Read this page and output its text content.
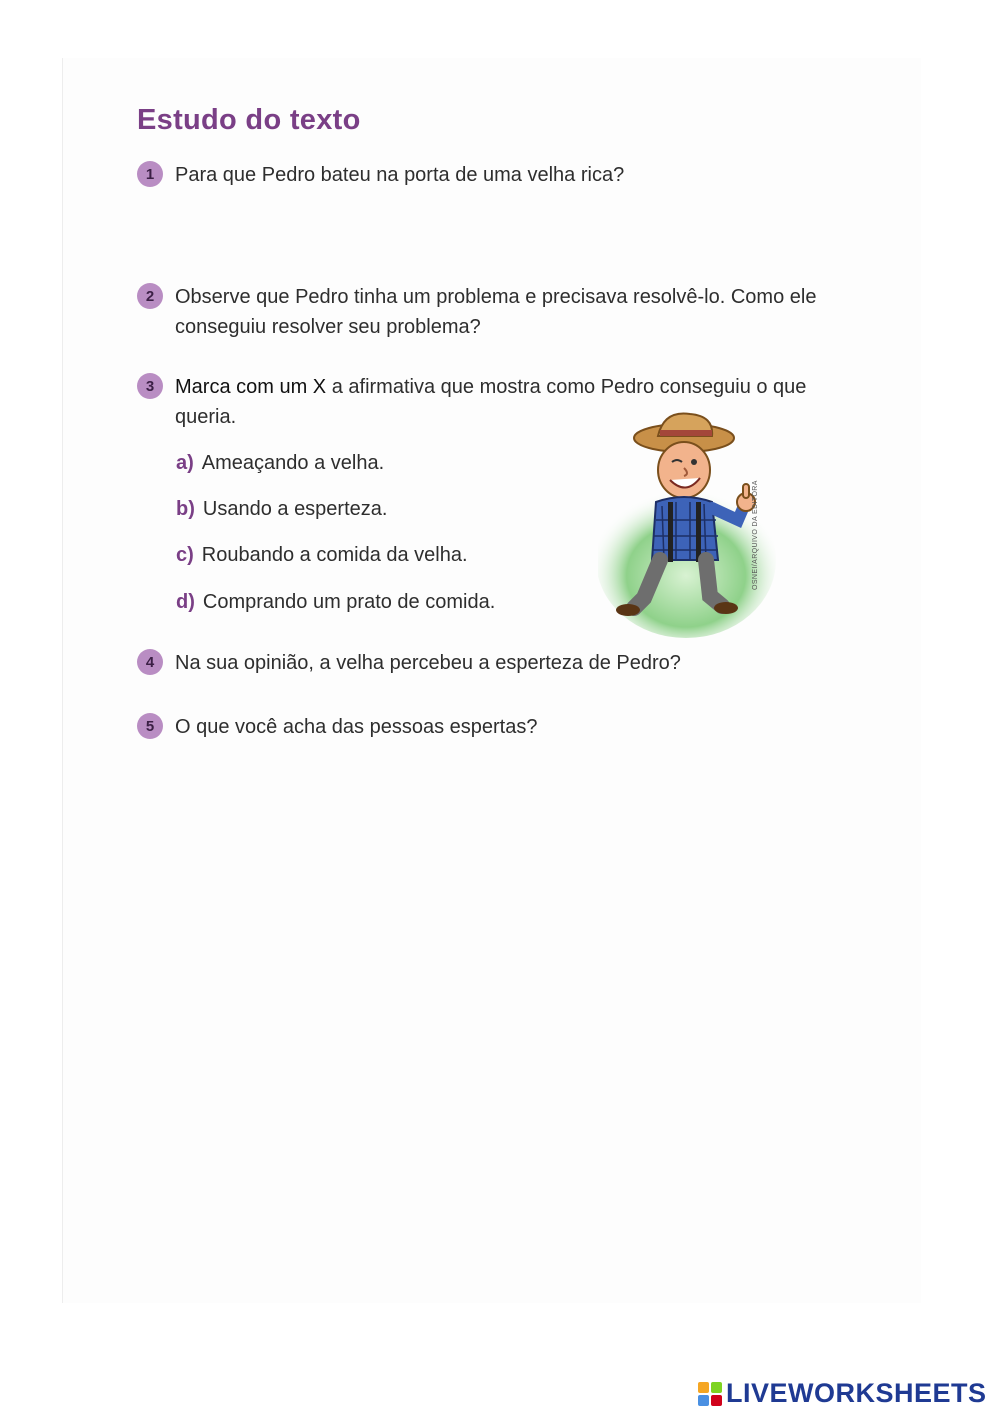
Estudo do texto
1	Para que Pedro bateu na porta de uma velha rica?
2	Observe que Pedro tinha um problema e precisava resolvê-lo. Como ele
conseguiu resolver seu problema?
3	Marca com um X a afirmativa que mostra como Pedro conseguiu o que
queria.
a) Ameaçando a velha.
b) Usando a esperteza.
c) Roubando a comida da velha.
d) Comprando um prato de comida.
OSNEI/ARQUIVO DA EDITORA
4	Na sua opinião, a velha percebeu a esperteza de Pedro?
5	O que você acha das pessoas espertas?
LIVEWORKSHEETS
